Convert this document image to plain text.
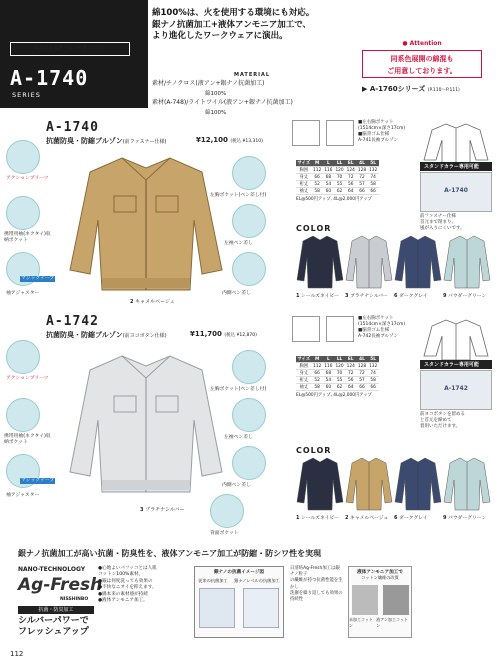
ANDARE SCHIETTI®
A-1740
SERIES
綿100%は、火を使用する環境にも対応。
銀ナノ抗菌加工+液体アンモニア加工で、
より進化したワークウェアに演出。
MATERIAL
素材/チノクロス(液アン+銀ナノ抗菌加工)
綿100%
素材(A-748)/ライトツイル(液アン+銀ナノ抗菌加工)
綿100%
● Attention
同系色展開の綿混も
ご用意しております。
▶ A-1760シリーズ (P.110〜P.111)
A-1740
抗菌防臭・防縮ブルゾン(前ファスナー仕様)	¥12,100 (税込 ¥13,310)
アクションプリーツ
携帯用袖(ネクタイ)収納ポケット
マジックテープ
袖アジャスター
左胸ポケット(ペン差し付)
左袖ペン差し
内側ペン差し
2 キャメルベージュ
■左右胸ポケット
(1514cm×深さ17cm)
■脇背ゴム仕様
A-741長袖ブルゾン
サイズ	M	L	LL	EL	4L	5L
胸囲	112	116	120	124	128	132
身丈	66	68	70	72	72	74
裄丈	52	54	55	56	57	58
袖丈	58	60	62	64	66	66
EL@500円アップ, 4L@2,000円アップ
スタンドカラー専用可能
A-1740
前ファスナー仕様
首元まで閉まり、
風が入りにくいです。
COLOR
1 シールズネイビー	3 ブラチナシルバー	6 ダークグレイ	9 パウダーグリーン
A-1742
抗菌防臭・防縮ブルゾン(前ヨコボタン仕様)	¥11,700 (税込 ¥12,870)
アクションプリーツ
携帯用袖(ネクタイ)収納ポケット
マジックテープ
袖アジャスター
左胸ポケット(ペン差し付)
左袖ペン差し
内側ペン差し
背面ポケット
3 ブラチナシルバー
■左右胸ポケット
(1514cm×深さ17cm)
■脇背ゴム仕様
A-742長袖ブルゾン
サイズ	M	L	LL	EL	4L	5L
胸囲	112	116	120	124	128	132
身丈	66	68	70	72	72	74
裄丈	52	54	55	56	57	58
袖丈	58	60	62	64	66	66
EL@500円アップ, 4L@2,000円アップ
スタンドカラー専用可能
A-1742
前ヨコボタンを留める
と首元を締めて
着用いただけます。
COLOR
1 シールズネイビー	2 キャメルベージュ	6 ダークグレイ	9 パウダーグリーン
銀ナノ抗菌加工が高い抗菌・防臭性を、液体アンモニア加工が防縮・防シワ性を実現
NANO-TECHNOLOGY
Ag-Fresh
NISSHINBO
抗菌・防臭加工
シルバーパワーで
フレッシュアップ
●心地よいパフッコとは人肌
コットン100%素材。
●銀は何度洗っても効果の
●不快なニオイを抑えます。
●綿本来の素材感が持続
●液体アンモニア加工。
銀ナノの抗菌イメージ図
従来の抗菌加工 銀ナノレベルの抗菌加工
日清紡Ag-Fresh加工は銀ナノ粒子
の繊維が持つ抗菌性能を生かし
洗濯を繰り返しても効果の持続性
液体アンモニア加工で
コットン繊維の改質
未加工コットン
液アン加工コットン
112
